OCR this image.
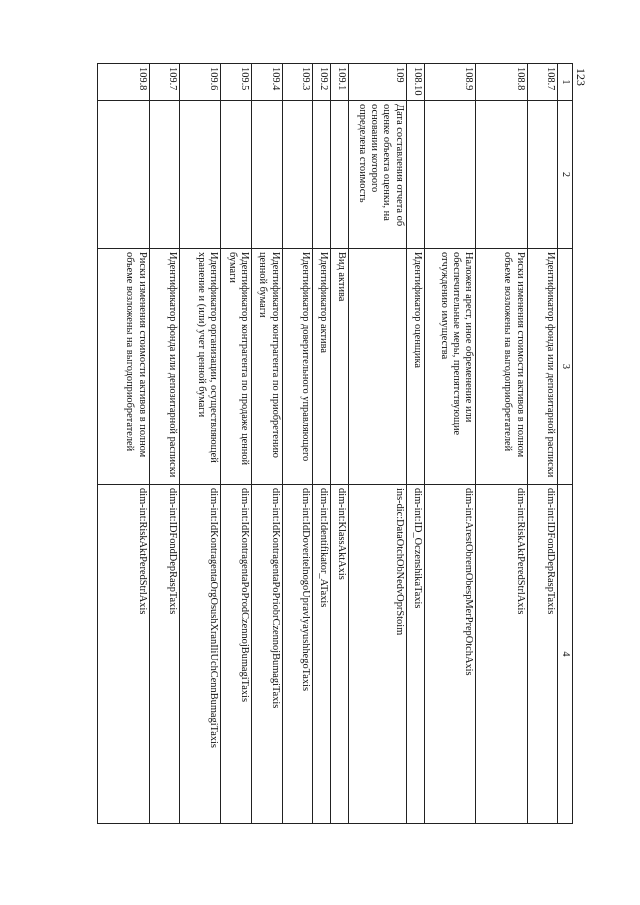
123
1	2	3	4
108.7		Идентификатор фонда или депозитарной расписки	dim-int:IDFondDepRaspTaxis
108.8		Риски изменения стоимости активов в полном объеме возложены на выгодоприобретателей	dim-int:RiskAktPeredStrlAxis
108.9		Наложен арест, иное обременение или обеспечительные меры, препятствующие отчуждению имущества	dim-int:ArestObremObespMerPrepOtchAxis
108.10		Идентификатор оценщика	dim-int:ID_OczenshikaTaxis
109	Дата составления отчета об оценке объекта оценки, на основании которого определена стоимость		ins-dic:DataOtchObNedvOprStoim
109.1		Вид актива	dim-int:KlassAktAxis
109.2		Идентификатор актива	dim-int:Identifikator_ATaxis
109.3		Идентификатор доверительного управляющего	dim-int:IdDoveritelnogoUpravlyayushhegoTaxis
109.4		Идентификатор контрагента по приобретению ценной бумаги	dim-int:IdKontragentaPoPriobrCzennojBumagiTaxis
109.5		Идентификатор контрагента по продаже ценной бумаги	dim-int:IdKontragentaPoProdCzennojBumagiTaxis
109.6		Идентификатор организации, осуществляющей хранение и (или) учет ценной бумаги	dim-int:IdKontragentaOrgOsushXranIliUchCennBumagiTaxis
109.7		Идентификатор фонда или депозитарной расписки	dim-int:IDFondDepRaspTaxis
109.8		Риски изменения стоимости активов в полном объеме возложены на выгодоприобретателей	dim-int:RiskAktPeredStrlAxis
